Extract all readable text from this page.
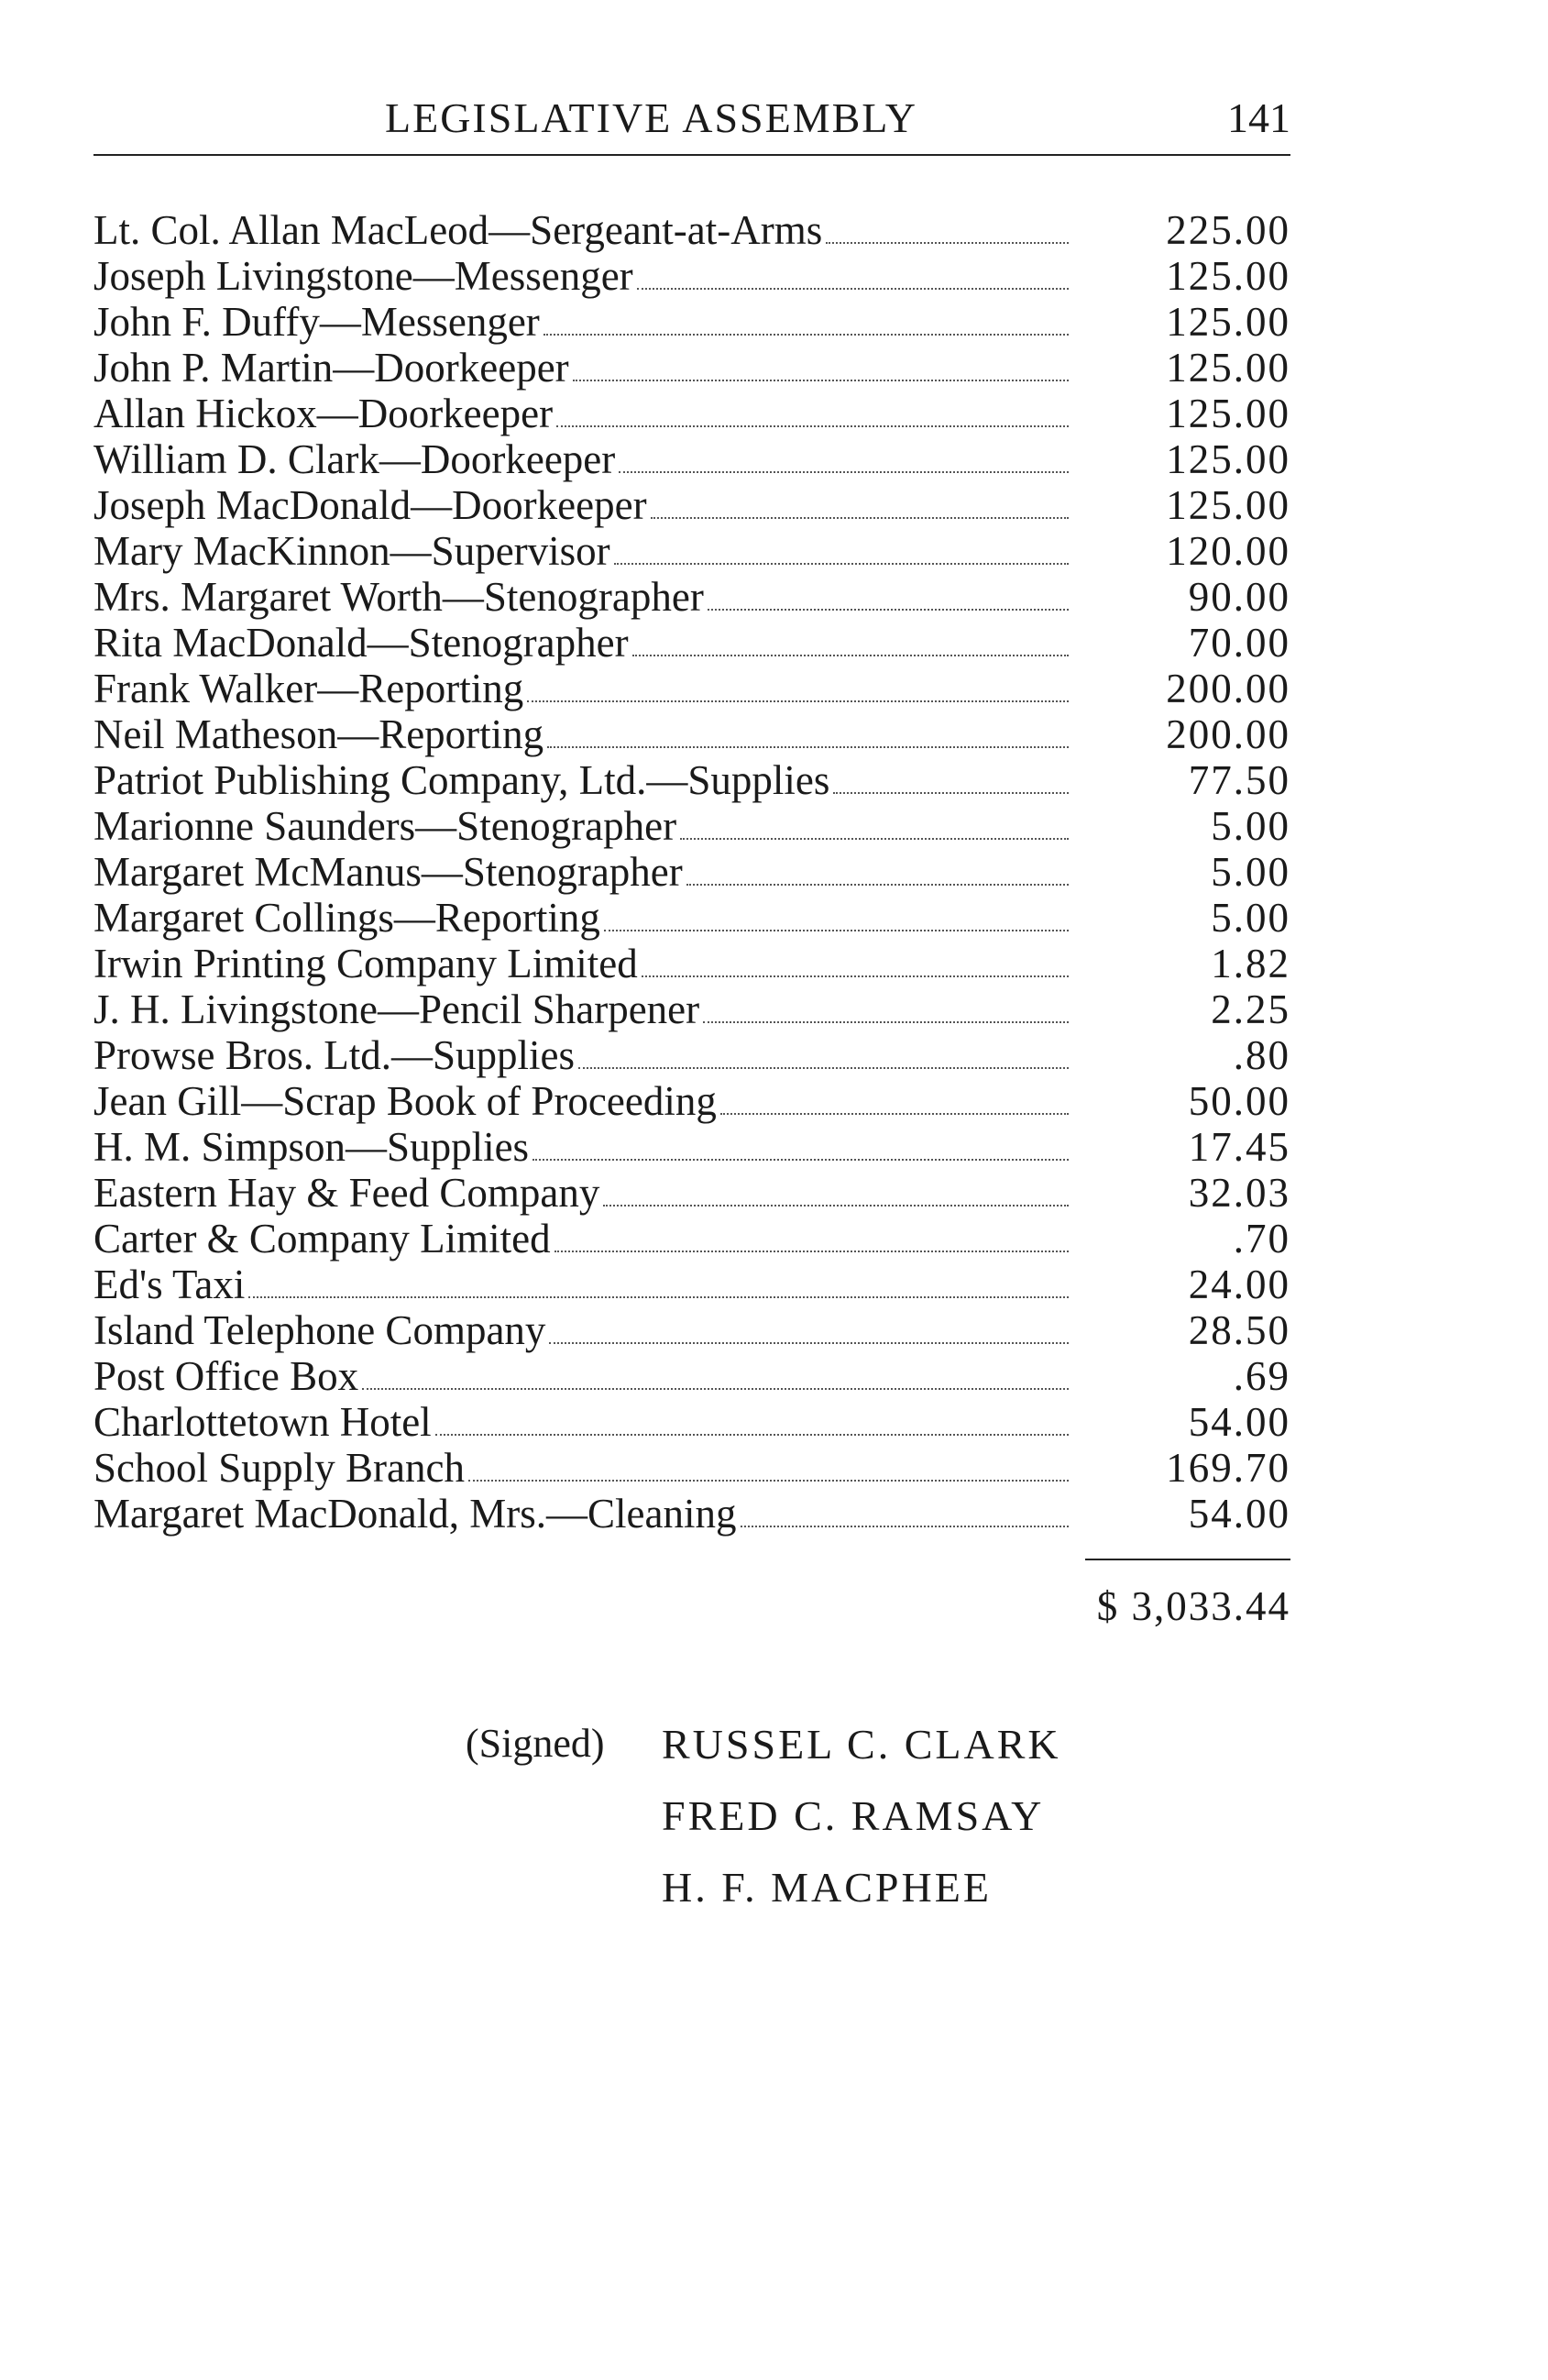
LEGISLATIVE ASSEMBLY	141
Lt. Col. Allan MacLeod—Sergeant-at-Arms	225.00
Joseph Livingstone—Messenger	125.00
John F. Duffy—Messenger	125.00
John P. Martin—Doorkeeper	125.00
Allan Hickox—Doorkeeper	125.00
William D. Clark—Doorkeeper	125.00
Joseph MacDonald—Doorkeeper	125.00
Mary MacKinnon—Supervisor	120.00
Mrs. Margaret Worth—Stenographer	90.00
Rita MacDonald—Stenographer	70.00
Frank Walker—Reporting	200.00
Neil Matheson—Reporting	200.00
Patriot Publishing Company, Ltd.—Supplies	77.50
Marionne Saunders—Stenographer	5.00
Margaret McManus—Stenographer	5.00
Margaret Collings—Reporting	5.00
Irwin Printing Company Limited	1.82
J. H. Livingstone—Pencil Sharpener	2.25
Prowse Bros. Ltd.—Supplies	.80
Jean Gill—Scrap Book of Proceeding	50.00
H. M. Simpson—Supplies	17.45
Eastern Hay & Feed Company	32.03
Carter & Company Limited	.70
Ed's Taxi	24.00
Island Telephone Company	28.50
Post Office Box	.69
Charlottetown Hotel	54.00
School Supply Branch	169.70
Margaret MacDonald, Mrs.—Cleaning	54.00
$ 3,033.44
(Signed) RUSSEL C. CLARK
FRED C. RAMSAY
H. F. MACPHEE
